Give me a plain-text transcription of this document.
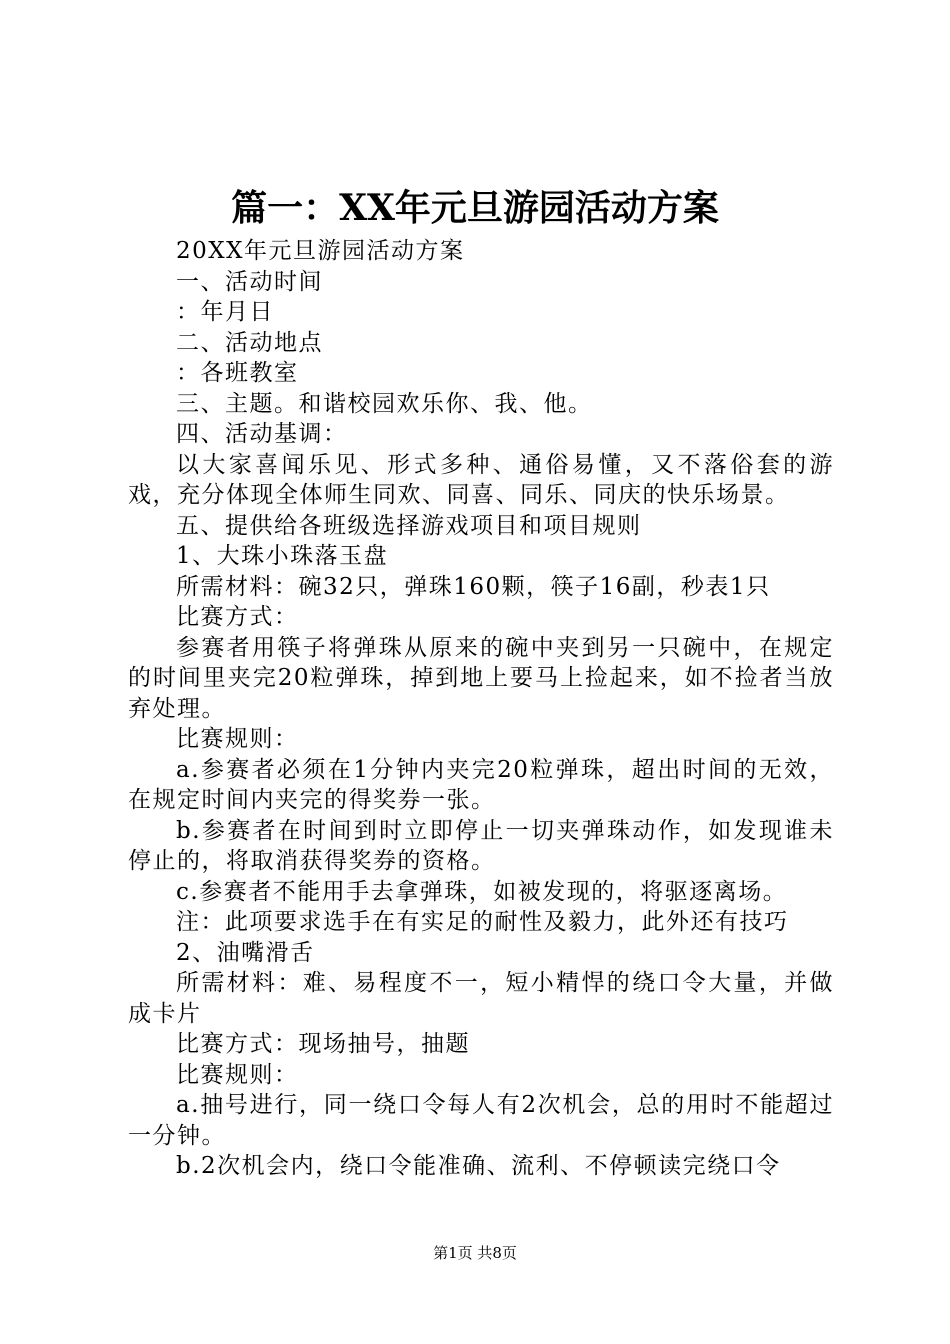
篇一：XX年元旦游园活动方案

20XX年元旦游园活动方案

一、活动时间

：年月日

二、活动地点

：各班教室

三、主题。和谐校园欢乐你、我、他。

四、活动基调：

以大家喜闻乐见、形式多种、通俗易懂，又不落俗套的游戏，充分体现全体师生同欢、同喜、同乐、同庆的快乐场景。

五、提供给各班级选择游戏项目和项目规则

1、大珠小珠落玉盘

所需材料：碗32只，弹珠160颗，筷子16副，秒表1只

比赛方式：

参赛者用筷子将弹珠从原来的碗中夹到另一只碗中，在规定的时间里夹完20粒弹珠，掉到地上要马上捡起来，如不捡者当放弃处理。

比赛规则：

a.参赛者必须在1分钟内夹完20粒弹珠，超出时间的无效，在规定时间内夹完的得奖券一张。

b.参赛者在时间到时立即停止一切夹弹珠动作，如发现谁未停止的，将取消获得奖券的资格。

c.参赛者不能用手去拿弹珠，如被发现的，将驱逐离场。

注：此项要求选手在有实足的耐性及毅力，此外还有技巧

2、油嘴滑舌

所需材料：难、易程度不一，短小精悍的绕口令大量，并做成卡片

比赛方式：现场抽号，抽题

比赛规则：

a.抽号进行，同一绕口令每人有2次机会，总的用时不能超过一分钟。

b.2次机会内，绕口令能准确、流利、不停顿读完绕口令

第1页 共8页
